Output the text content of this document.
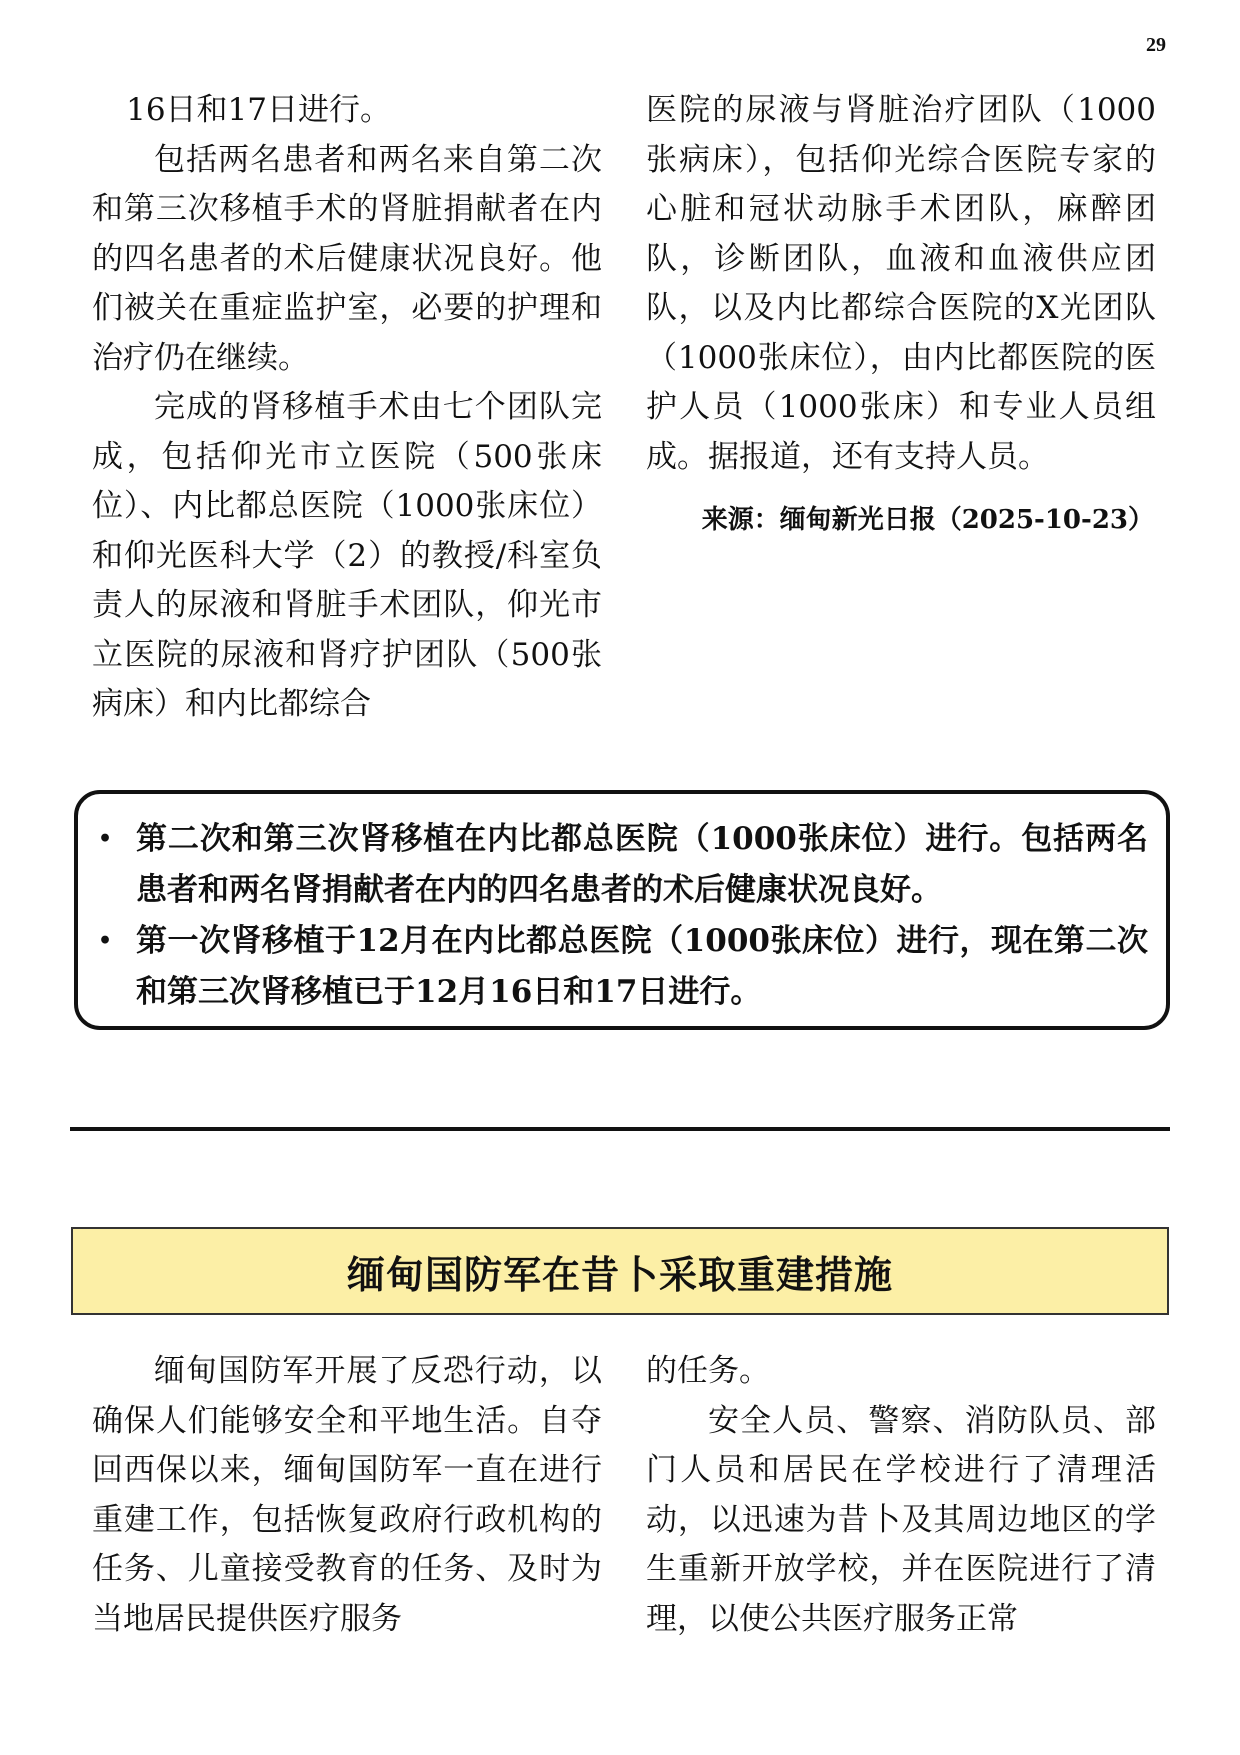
29

16日和17日进行。

包括两名患者和两名来自第二次和第三次移植手术的肾脏捐献者在内的四名患者的术后健康状况良好。他们被关在重症监护室，必要的护理和治疗仍在继续。

完成的肾移植手术由七个团队完成，包括仰光市立医院（500张床位）、内比都总医院（1000张床位）和仰光医科大学（2）的教授/科室负责人的尿液和肾脏手术团队，仰光市立医院的尿液和肾疗护团队（500张病床）和内比都综合

医院的尿液与肾脏治疗团队（1000张病床），包括仰光综合医院专家的心脏和冠状动脉手术团队，麻醉团队，诊断团队，血液和血液供应团队，以及内比都综合医院的X光团队（1000张床位），由内比都医院的医护人员（1000张床）和专业人员组成。据报道，还有支持人员。

来源：缅甸新光日报（2025-10-23）

• 第二次和第三次肾移植在内比都总医院（1000张床位）进行。包括两名患者和两名肾捐献者在内的四名患者的术后健康状况良好。
• 第一次肾移植于12月在内比都总医院（1000张床位）进行，现在第二次和第三次肾移植已于12月16日和17日进行。
缅甸国防军在昔卜采取重建措施

缅甸国防军开展了反恐行动，以确保人们能够安全和平地生活。自夺回西保以来，缅甸国防军一直在进行重建工作，包括恢复政府行政机构的任务、儿童接受教育的任务、及时为当地居民提供医疗服务

的任务。

安全人员、警察、消防队员、部门人员和居民在学校进行了清理活动，以迅速为昔卜及其周边地区的学生重新开放学校，并在医院进行了清理，以使公共医疗服务正常
